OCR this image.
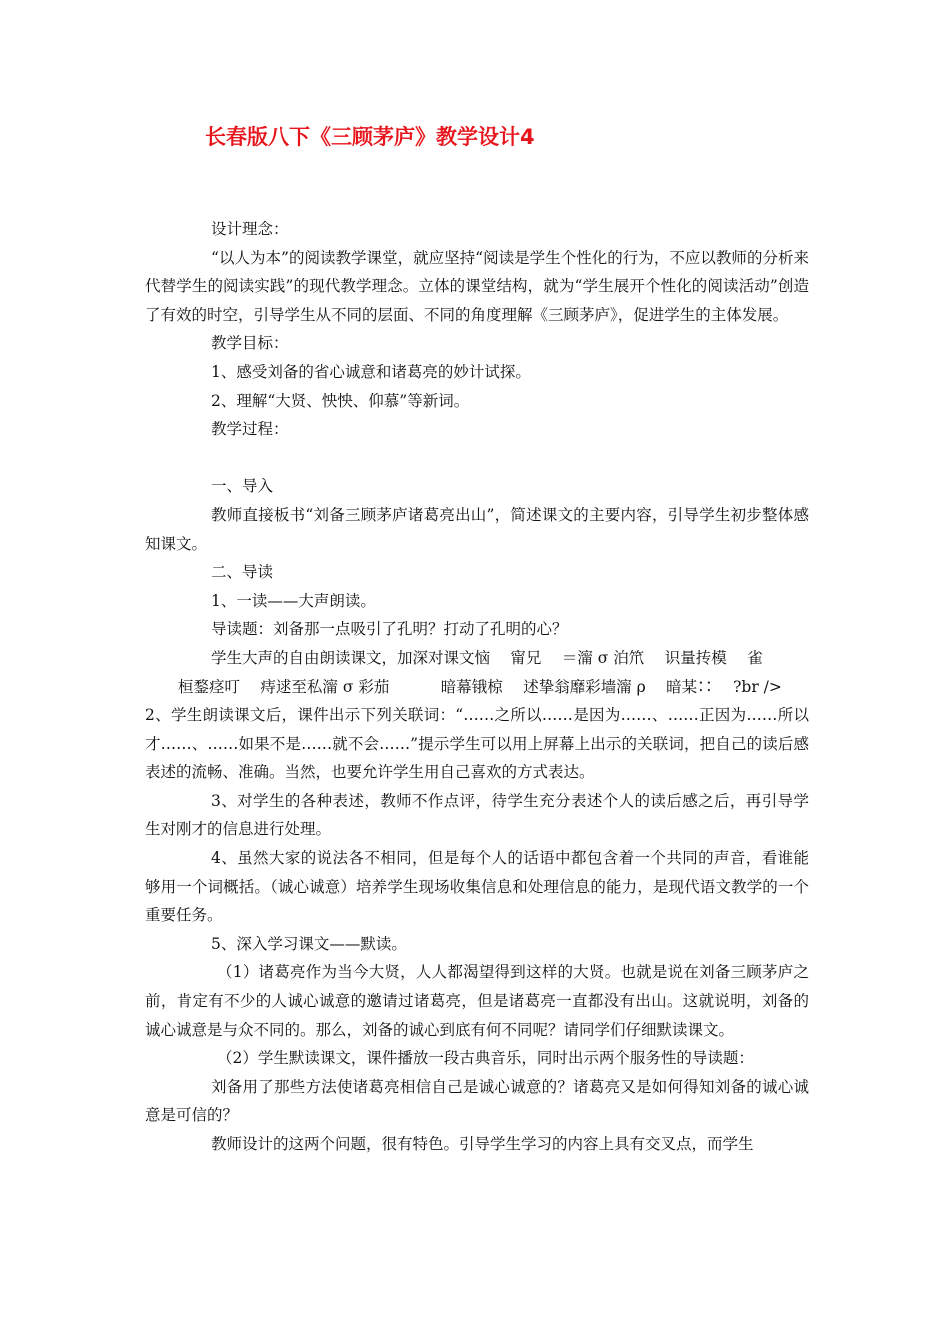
长春版八下《三顾茅庐》教学设计4

设计理念：

“以人为本”的阅读教学课堂，就应坚持“阅读是学生个性化的行为，不应以教师的分析来代替学生的阅读实践”的现代教学理念。立体的课堂结构，就为“学生展开个性化的阅读活动”创造了有效的时空，引导学生从不同的层面、不同的角度理解《三顾茅庐》，促进学生的主体发展。

教学目标：

1、感受刘备的省心诚意和诸葛亮的妙计试探。

2、理解“大贤、怏怏、仰慕”等新词。

教学过程：

一、导入

教师直接板书“刘备三顾茅庐诸葛亮出山”，简述课文的主要内容，引导学生初步整体感知课文。

二、导读

1、一读——大声朗读。

导读题：刘备那一点吸引了孔明？打动了孔明的心？

学生大声的自由朗读课文，加深对课文恼　 甯兄　 ＝澝 σ 泊笊　 识量抟模　 雀

桓鍪痉叮　 痔逑至私澝 σ 彩茄　　　 暗幕锇椋　 述挚翁靡彩墙澝 ρ　 暗某∷　 ?br />

2、学生朗读课文后，课件出示下列关联词：“……之所以……是因为……、……正因为……所以才……、……如果不是……就不会……”提示学生可以用上屏幕上出示的关联词，把自己的读后感表述的流畅、准确。当然，也要允许学生用自己喜欢的方式表达。

3、对学生的各种表述，教师不作点评，待学生充分表述个人的读后感之后，再引导学生对刚才的信息进行处理。

4、虽然大家的说法各不相同，但是每个人的话语中都包含着一个共同的声音，看谁能够用一个词概括。（诚心诚意）培养学生现场收集信息和处理信息的能力，是现代语文教学的一个重要任务。

5、深入学习课文——默读。

（1）诸葛亮作为当今大贤，人人都渴望得到这样的大贤。也就是说在刘备三顾茅庐之前，肯定有不少的人诚心诚意的邀请过诸葛亮，但是诸葛亮一直都没有出山。这就说明，刘备的诚心诚意是与众不同的。那么，刘备的诚心到底有何不同呢？请同学们仔细默读课文。

（2）学生默读课文，课件播放一段古典音乐，同时出示两个服务性的导读题：

刘备用了那些方法使诸葛亮相信自己是诚心诚意的？诸葛亮又是如何得知刘备的诚心诚意是可信的？

教师设计的这两个问题，很有特色。引导学生学习的内容上具有交叉点，而学生
